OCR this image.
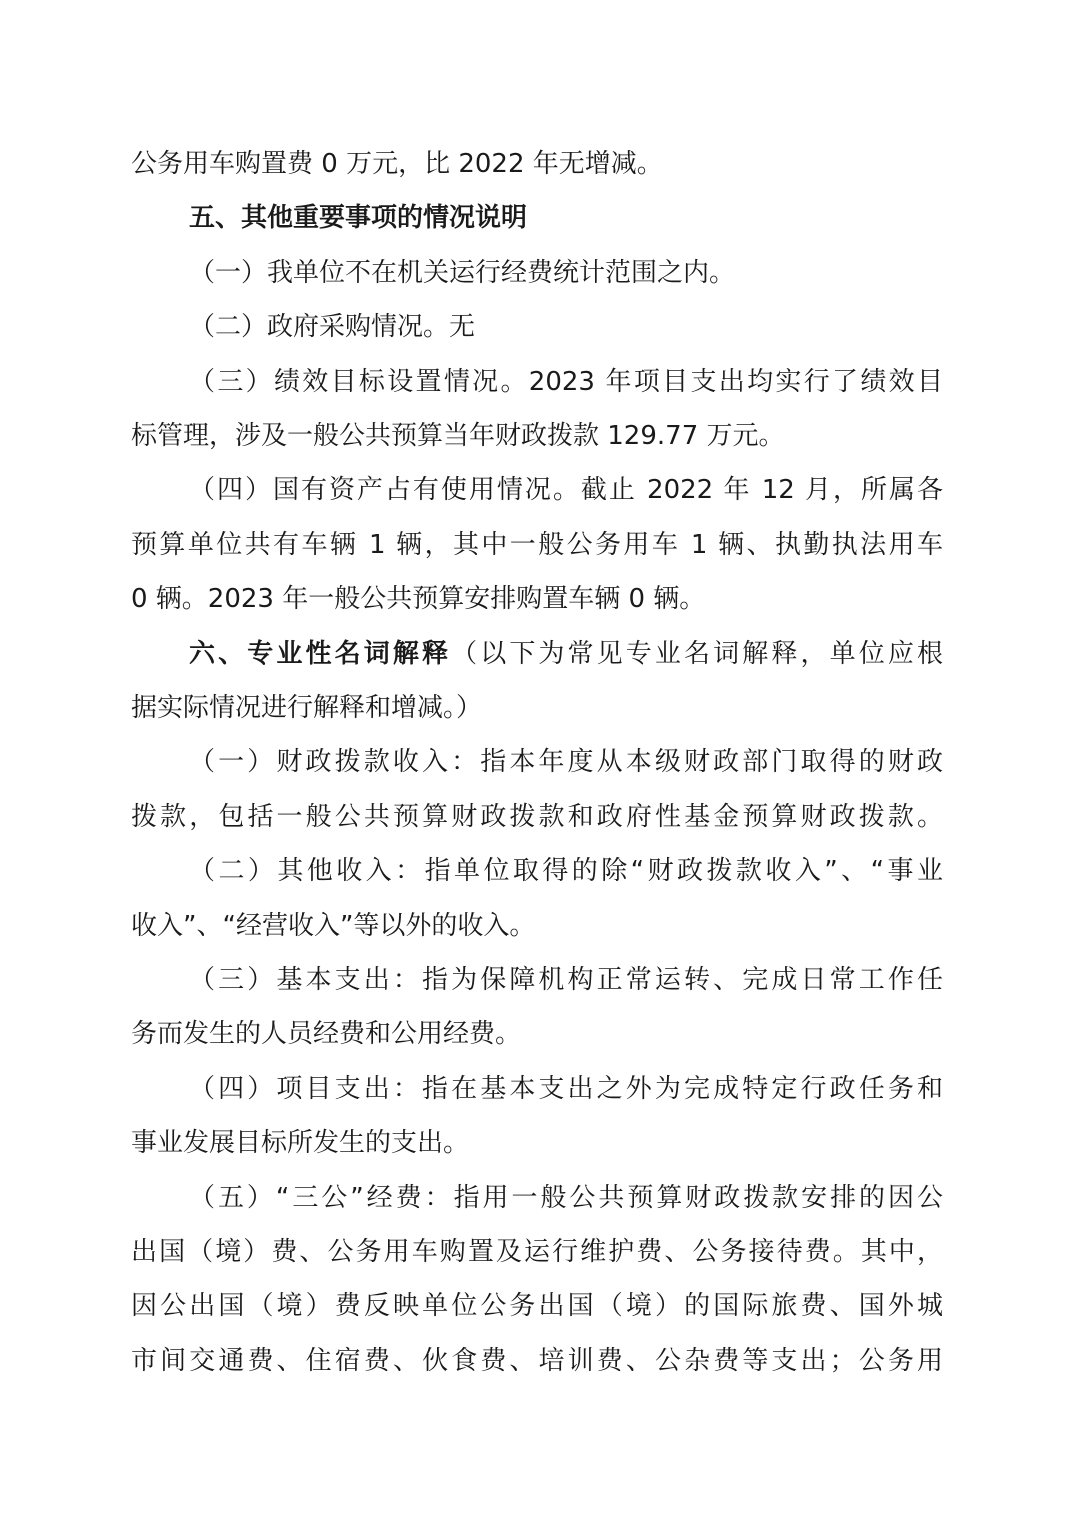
公务用车购置费 0 万元，比 2022 年无增减。
五、其他重要事项的情况说明
（一）我单位不在机关运行经费统计范围之内。
（二）政府采购情况。无
（三）绩效目标设置情况。2023 年项目支出均实行了绩效目
标管理，涉及一般公共预算当年财政拨款 129.77 万元。
（四）国有资产占有使用情况。截止 2022 年 12 月，所属各
预算单位共有车辆 1 辆，其中一般公务用车 1 辆、执勤执法用车
0 辆。2023 年一般公共预算安排购置车辆 0 辆。
六、专业性名词解释（以下为常见专业名词解释，单位应根
据实际情况进行解释和增减。）
（一）财政拨款收入：指本年度从本级财政部门取得的财政
拨款，包括一般公共预算财政拨款和政府性基金预算财政拨款。
（二）其他收入：指单位取得的除“财政拨款收入”、“事业
收入”、“经营收入”等以外的收入。
（三）基本支出：指为保障机构正常运转、完成日常工作任
务而发生的人员经费和公用经费。
（四）项目支出：指在基本支出之外为完成特定行政任务和
事业发展目标所发生的支出。
（五）“三公”经费：指用一般公共预算财政拨款安排的因公
出国（境）费、公务用车购置及运行维护费、公务接待费。其中，
因公出国（境）费反映单位公务出国（境）的国际旅费、国外城
市间交通费、住宿费、伙食费、培训费、公杂费等支出；公务用
